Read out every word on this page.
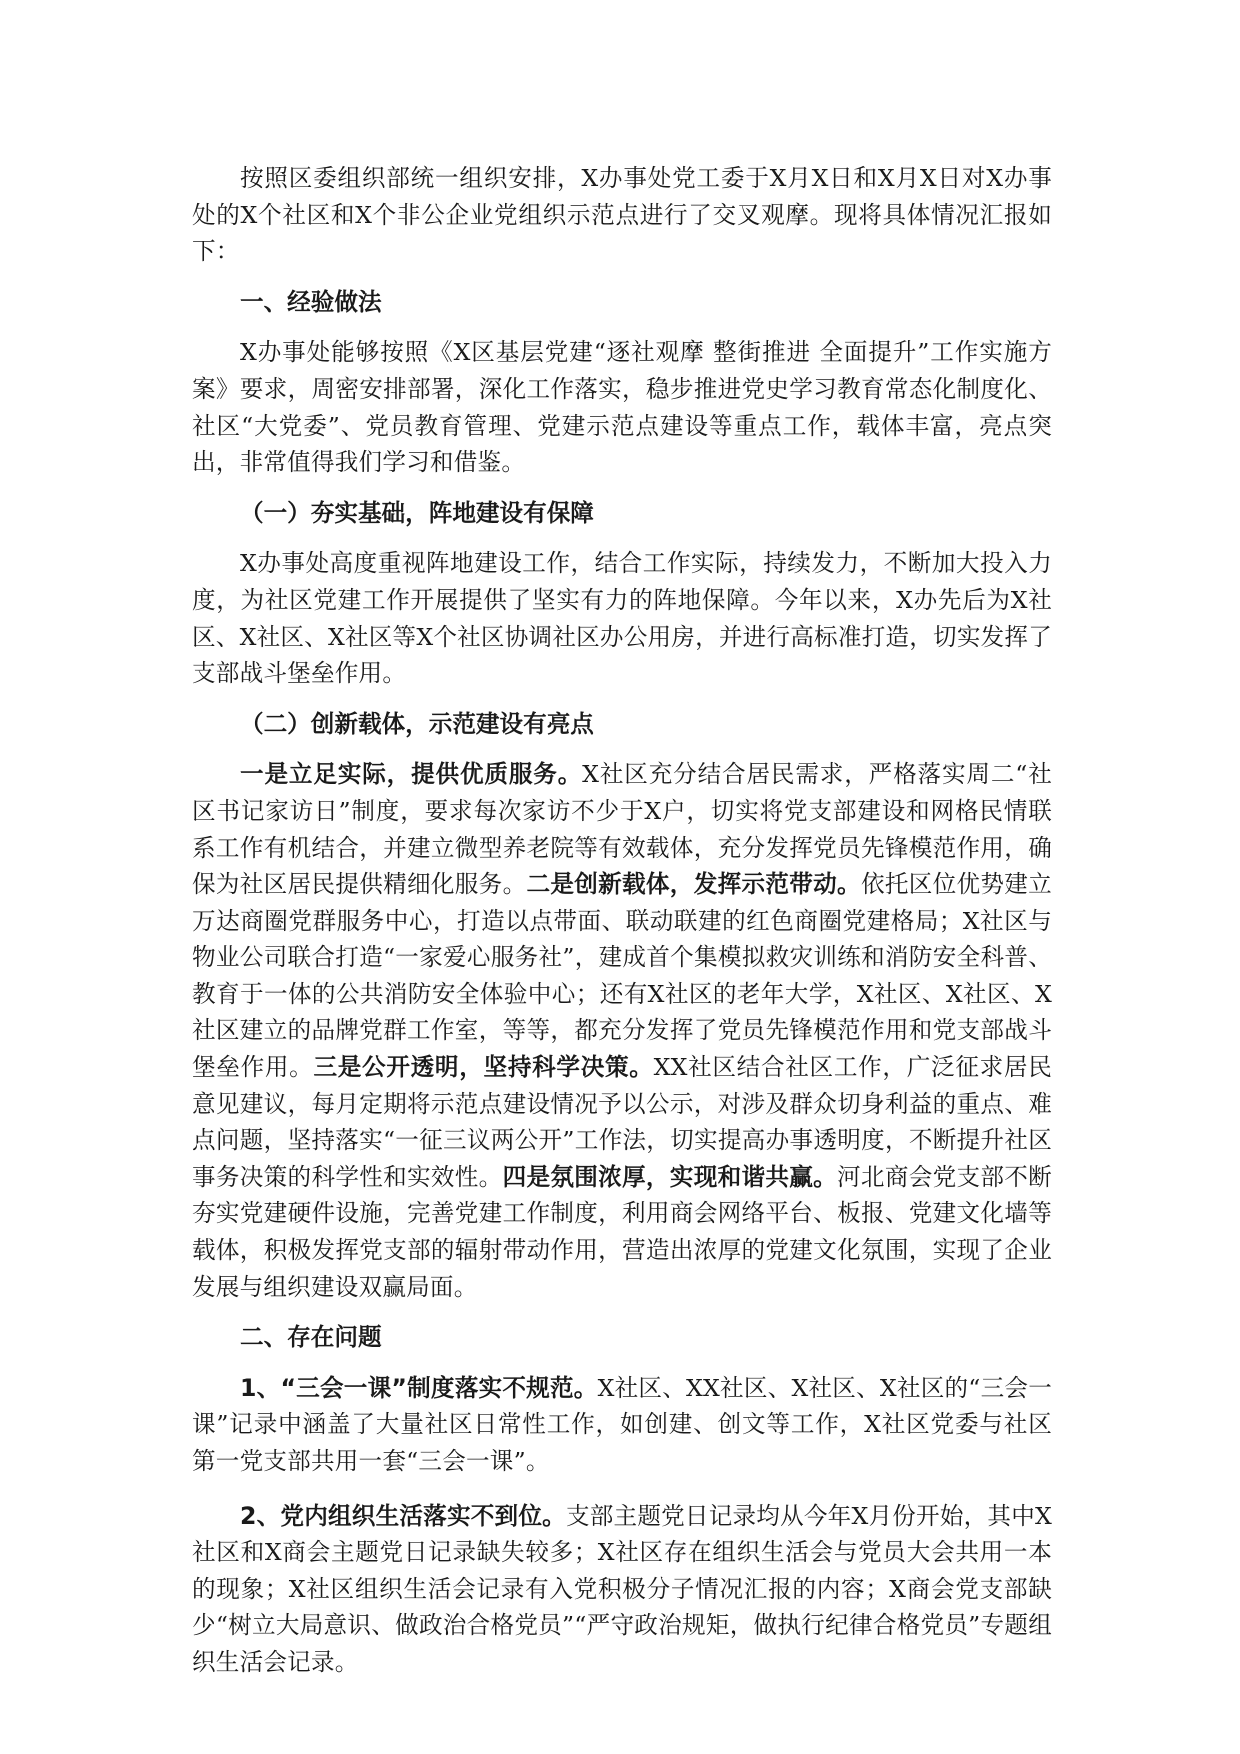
按照区委组织部统一组织安排，X办事处党工委于X月X日和X月X日对X办事处的X个社区和X个非公企业党组织示范点进行了交叉观摩。现将具体情况汇报如下：

一、经验做法

X办事处能够按照《X区基层党建“逐社观摩 整街推进 全面提升”工作实施方案》要求，周密安排部署，深化工作落实，稳步推进党史学习教育常态化制度化、社区“大党委”、党员教育管理、党建示范点建设等重点工作，载体丰富，亮点突出，非常值得我们学习和借鉴。

（一）夯实基础，阵地建设有保障

X办事处高度重视阵地建设工作，结合工作实际，持续发力，不断加大投入力度，为社区党建工作开展提供了坚实有力的阵地保障。今年以来，X办先后为X社区、X社区、X社区等X个社区协调社区办公用房，并进行高标准打造，切实发挥了支部战斗堡垒作用。

（二）创新载体，示范建设有亮点

一是立足实际，提供优质服务。X社区充分结合居民需求，严格落实周二“社区书记家访日”制度，要求每次家访不少于X户，切实将党支部建设和网格民情联系工作有机结合，并建立微型养老院等有效载体，充分发挥党员先锋模范作用，确保为社区居民提供精细化服务。二是创新载体，发挥示范带动。依托区位优势建立万达商圈党群服务中心，打造以点带面、联动联建的红色商圈党建格局；X社区与物业公司联合打造“一家爱心服务社”，建成首个集模拟救灾训练和消防安全科普、教育于一体的公共消防安全体验中心；还有X社区的老年大学，X社区、X社区、X社区建立的品牌党群工作室，等等，都充分发挥了党员先锋模范作用和党支部战斗堡垒作用。三是公开透明，坚持科学决策。XX社区结合社区工作，广泛征求居民意见建议，每月定期将示范点建设情况予以公示，对涉及群众切身利益的重点、难点问题，坚持落实“一征三议两公开”工作法，切实提高办事透明度，不断提升社区事务决策的科学性和实效性。四是氛围浓厚，实现和谐共赢。河北商会党支部不断夯实党建硬件设施，完善党建工作制度，利用商会网络平台、板报、党建文化墙等载体，积极发挥党支部的辐射带动作用，营造出浓厚的党建文化氛围，实现了企业发展与组织建设双赢局面。

二、存在问题

1、“三会一课”制度落实不规范。X社区、XX社区、X社区、X社区的“三会一课”记录中涵盖了大量社区日常性工作，如创建、创文等工作，X社区党委与社区第一党支部共用一套“三会一课”。

2、党内组织生活落实不到位。支部主题党日记录均从今年X月份开始，其中X社区和X商会主题党日记录缺失较多；X社区存在组织生活会与党员大会共用一本的现象；X社区组织生活会记录有入党积极分子情况汇报的内容；X商会党支部缺少“树立大局意识、做政治合格党员”“严守政治规矩，做执行纪律合格党员”专题组织生活会记录。
